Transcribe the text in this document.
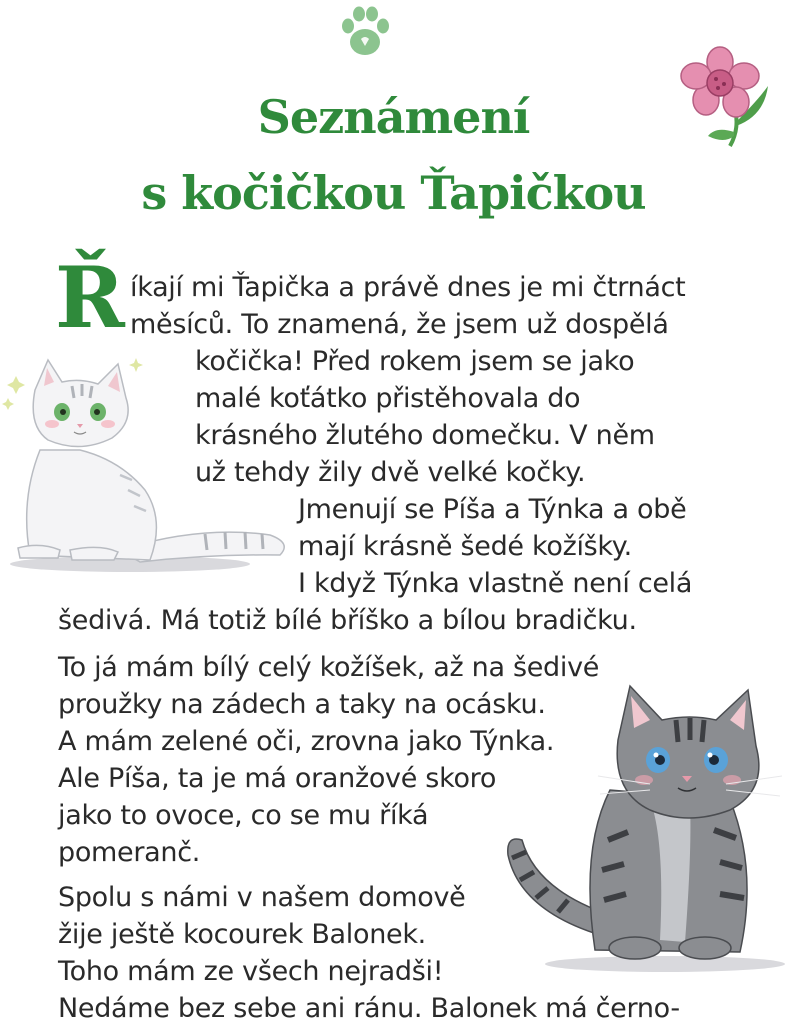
Seznámení
s kočičkou Ťapičkou
Ř íkají mi Ťapička a právě dnes je mi čtrnáct
měsíců. To znamená, že jsem už dospělá
kočička! Před rokem jsem se jako
malé koťátko přistěhovala do
krásného žlutého domečku. V něm
už tehdy žily dvě velké kočky.
Jmenují se Píša a Týnka a obě
mají krásně šedé kožíšky.
I když Týnka vlastně není celá
šedivá. Má totiž bílé bříško a bílou bradičku.
To já mám bílý celý kožíšek, až na šedivé
proužky na zádech a taky na ocásku.
A mám zelené oči, zrovna jako Týnka.
Ale Píša, ta je má oranžové skoro
jako to ovoce, co se mu říká
pomeranč.
Spolu s námi v našem domově
žije ještě kocourek Balonek.
Toho mám ze všech nejradši!
Nedáme bez sebe ani ránu. Balonek má černo-
